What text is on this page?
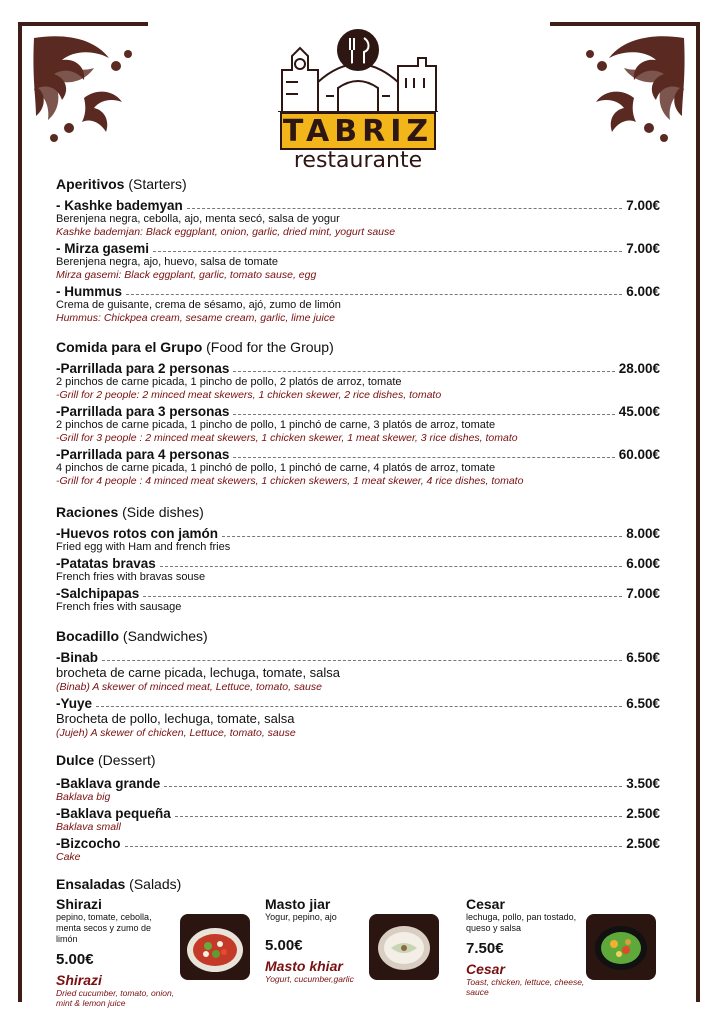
TABRIZ
restaurante
Aperitivos (Starters)
- Kashke bademyan	7.00€
Berenjena negra, cebolla, ajo, menta secó, salsa de yogur
Kashke bademjan: Black eggplant, onion, garlic, dried mint, yogurt sause
- Mirza gasemi	7.00€
Berenjena negra, ajo, huevo, salsa de tomate
Mirza gasemi: Black eggplant, garlic, tomato sause, egg
- Hummus	6.00€
Crema de guisante, crema de sésamo, ajó, zumo de limón
Hummus: Chickpea cream, sesame cream, garlic, lime juice
Comida para el Grupo (Food for the Group)
-Parrillada para 2 personas	28.00€
2 pinchos de carne picada, 1 pincho de pollo, 2 platós de arroz, tomate
-Grill for 2 people: 2 minced meat skewers, 1 chicken skewer, 2 rice dishes, tomato
-Parrillada para 3 personas	45.00€
2 pinchos de carne picada, 1 pincho de pollo, 1 pinchó de carne, 3 platós de arroz, tomate
-Grill for 3 people : 2 minced meat skewers, 1 chicken skewer, 1 meat skewer, 3 rice dishes, tomato
-Parrillada para 4 personas	60.00€
4 pinchos de carne picada, 1 pinchó de pollo, 1 pinchó de carne, 4 platós de arroz, tomate
-Grill for 4 people : 4 minced meat skewers, 1 chicken skewers, 1 meat skewer, 4 rice dishes, tomato
Raciones (Side dishes)
-Huevos rotos con jamón	8.00€
Fried egg with Ham and french fries
-Patatas bravas	6.00€
French fries with bravas souse
-Salchipapas	7.00€
French fries with sausage
Bocadillo (Sandwiches)
-Binab	6.50€
brocheta de carne picada, lechuga, tomate, salsa
(Binab) A skewer of minced meat, Lettuce, tomato, sause
-Yuye	6.50€
Brocheta de pollo, lechuga, tomate, salsa
(Jujeh) A skewer of chicken, Lettuce, tomato, sause
Dulce (Dessert)
-Baklava grande	3.50€
Baklava big
-Baklava pequeña	2.50€
Baklava small
-Bizcocho	2.50€
Cake
Ensaladas (Salads)
Shirazi
pepino, tomate, cebolla, menta secos y zumo de limón
5.00€
Shirazi
Dried cucumber, tomato, onion, mint & lemon juice
Masto jiar
Yogur, pepino, ajo
5.00€
Masto khiar
Yogurt, cucumber,garlic
Cesar
lechuga, pollo, pan tostado, queso y salsa
7.50€
Cesar
Toast, chicken, lettuce, cheese, sauce
